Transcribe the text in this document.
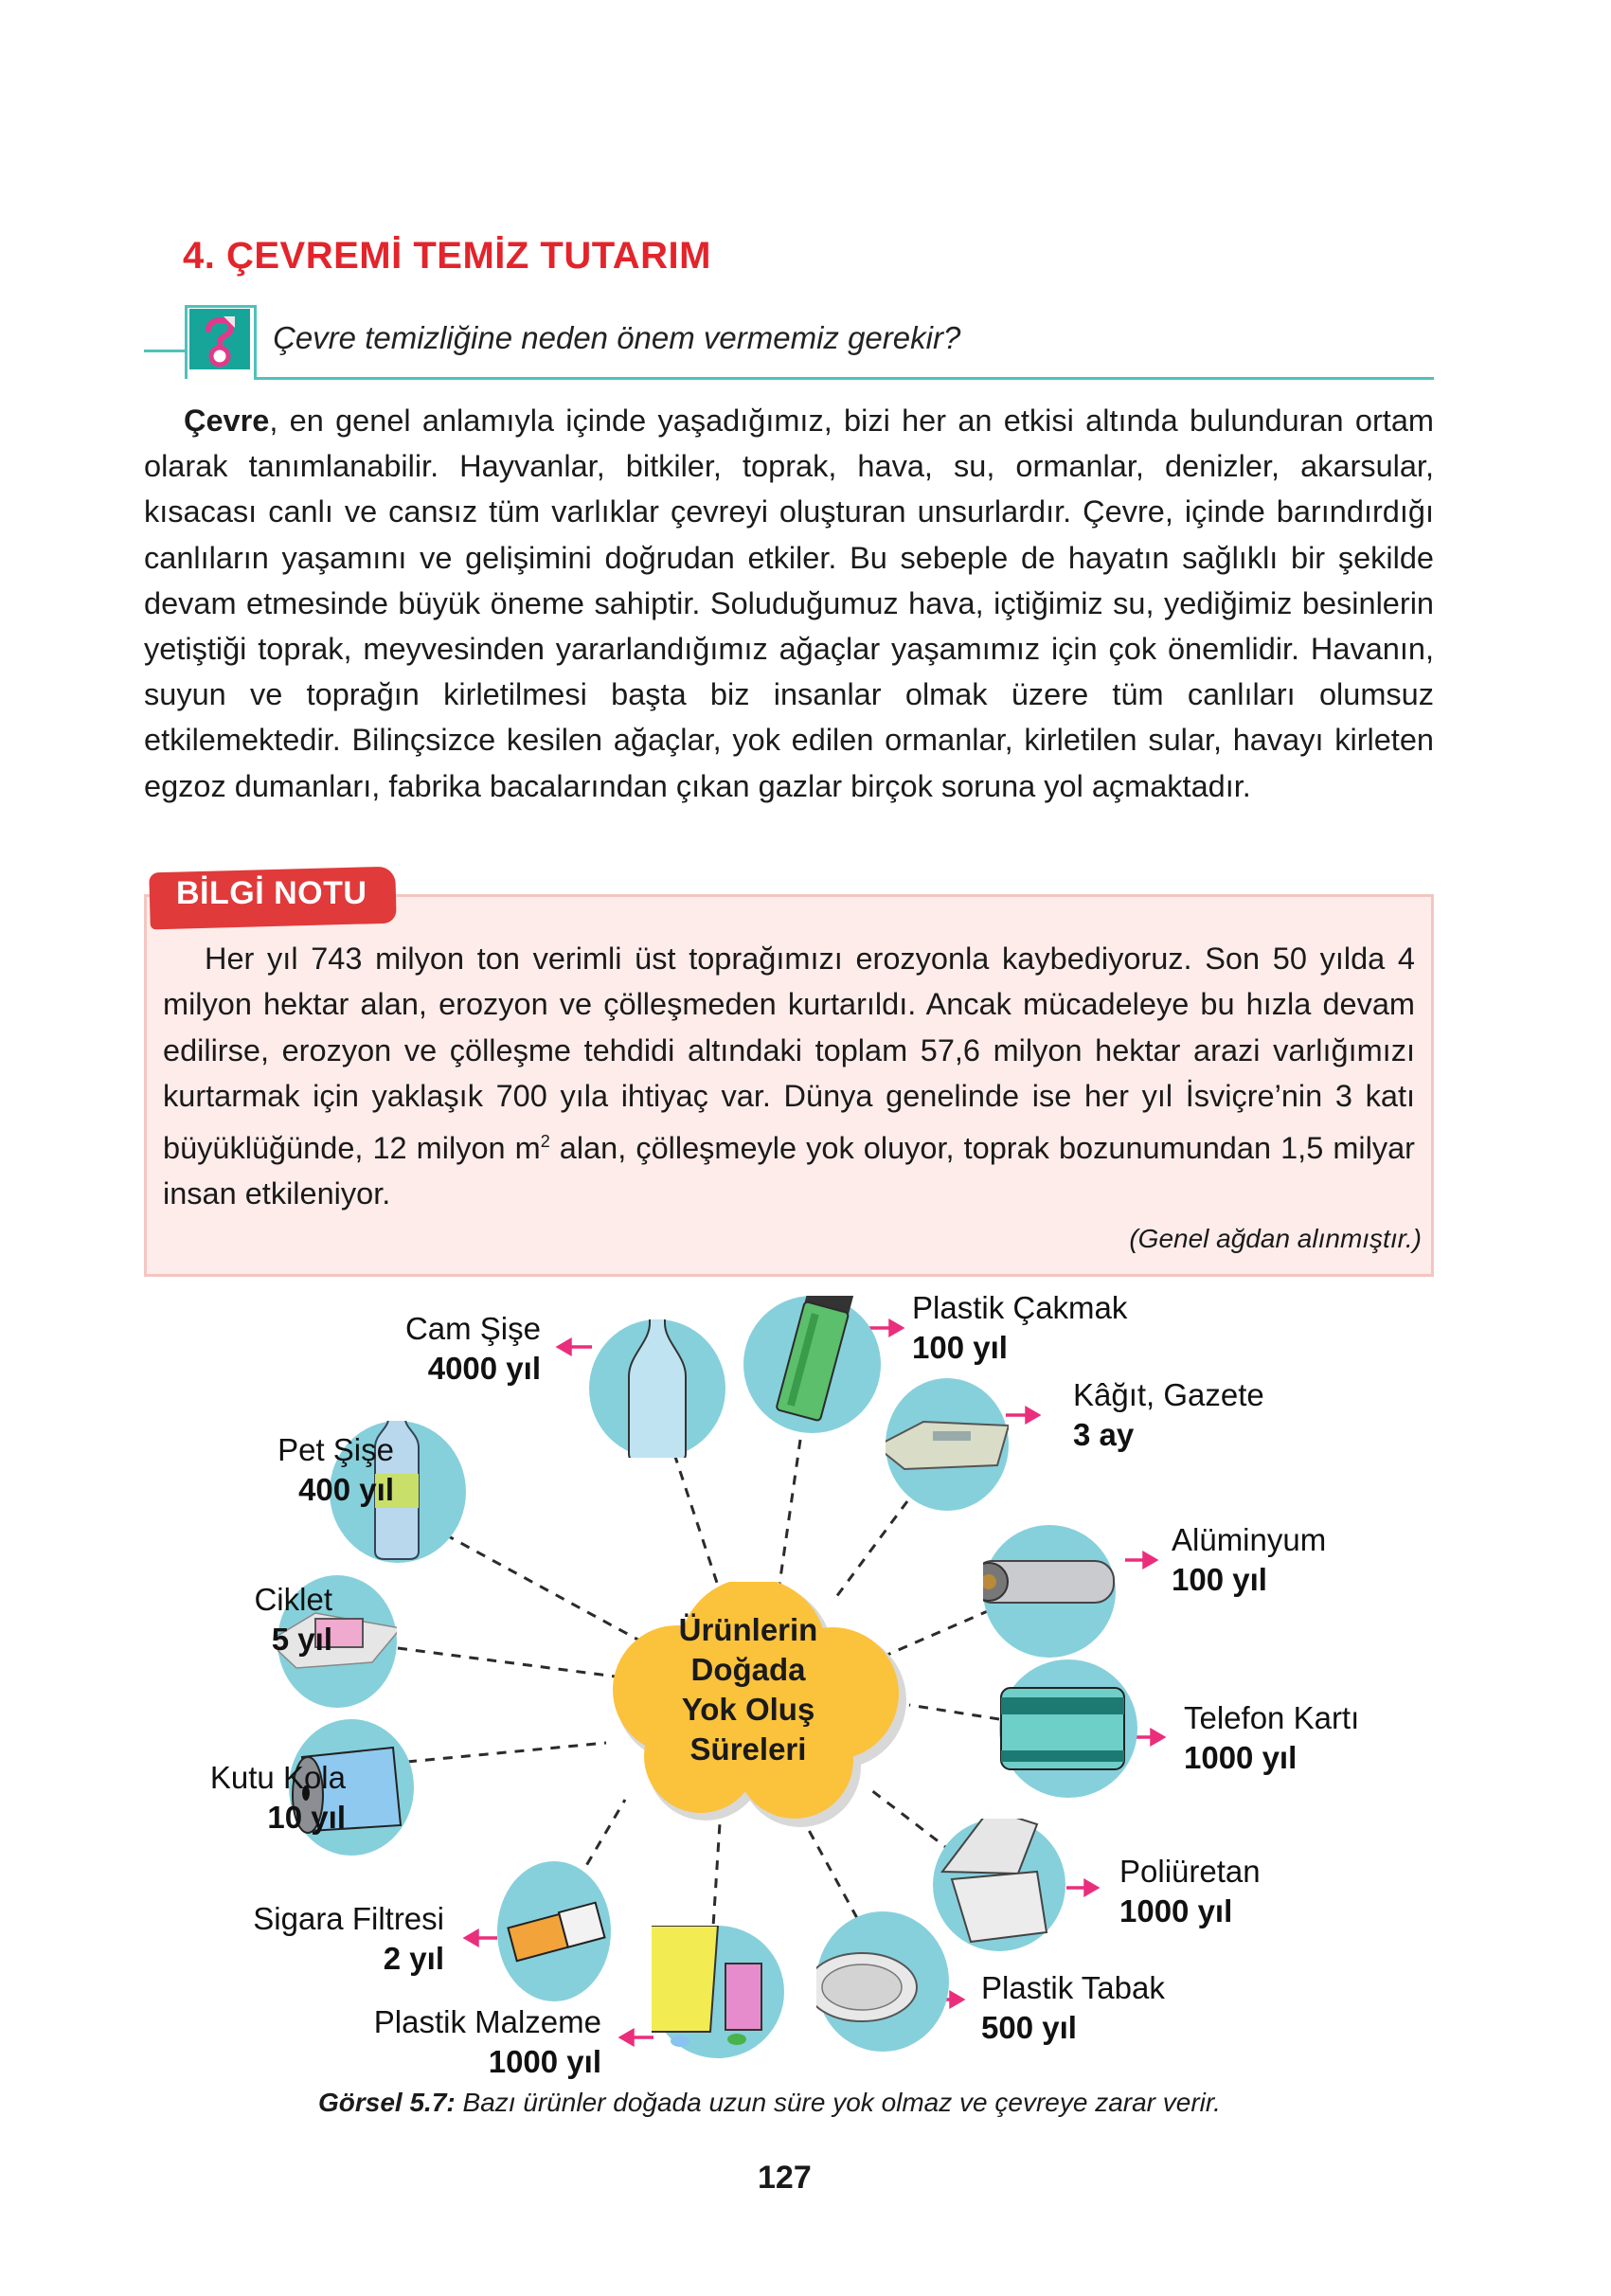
4. ÇEVREMİ TEMİZ TUTARIM
Çevre temizliğine neden önem vermemiz gerekir?

Çevre, en genel anlamıyla içinde yaşadığımız, bizi her an etkisi altında bulunduran ortam olarak tanımlanabilir. Hayvanlar, bitkiler, toprak, hava, su, ormanlar, denizler, akarsular, kısacası canlı ve cansız tüm varlıklar çevreyi oluşturan unsurlardır. Çevre, içinde barındırdığı canlıların yaşamını ve gelişimini doğrudan etkiler. Bu sebeple de hayatın sağlıklı bir şekilde devam etmesinde büyük öneme sahiptir. Soluduğumuz hava, içtiğimiz su, yediğimiz besinlerin yetiştiği toprak, meyvesinden yararlandığımız ağaçlar yaşamımız için çok önemlidir. Havanın, suyun ve toprağın kirletilmesi başta biz insanlar olmak üzere tüm canlıları olumsuz etkilemektedir. Bilinçsizce kesilen ağaçlar, yok edilen ormanlar, kirletilen sular, havayı kirleten egzoz dumanları, fabrika bacalarından çıkan gazlar birçok soruna yol açmaktadır.

BİLGİ NOTU

Her yıl 743 milyon ton verimli üst toprağımızı erozyonla kaybediyoruz. Son 50 yılda 4 milyon hektar alan, erozyon ve çölleşmeden kurtarıldı. Ancak mücadeleye bu hızla devam edilirse, erozyon ve çölleşme tehdidi altındaki toplam 57,6 milyon hektar arazi varlığımızı kurtarmak için yaklaşık 700 yıla ihtiyaç var. Dünya genelinde ise her yıl İsviçre’nin 3 katı büyüklüğünde, 12 milyon $m^2$ alan, çölleşmeyle yok oluyor, toprak bozunumundan 1,5 milyar insan etkileniyor.

(Genel ağdan alınmıştır.)
Ürünlerin
Doğada
Yok Oluş
Süreleri
Cam Şişe
4000 yıl
Plastik Çakmak
100 yıl
Kâğıt, Gazete
3 ay
Pet Şişe
400 yıl
Alüminyum
100 yıl
Ciklet
5 yıl
Telefon Kartı
1000 yıl
Kutu Kola
10 yıl
Poliüretan
1000 yıl
Sigara Filtresi
2 yıl
Plastik Malzeme
1000 yıl
Plastik Tabak
500 yıl
Görsel 5.7: Bazı ürünler doğada uzun süre yok olmaz ve çevreye zarar verir.
127
